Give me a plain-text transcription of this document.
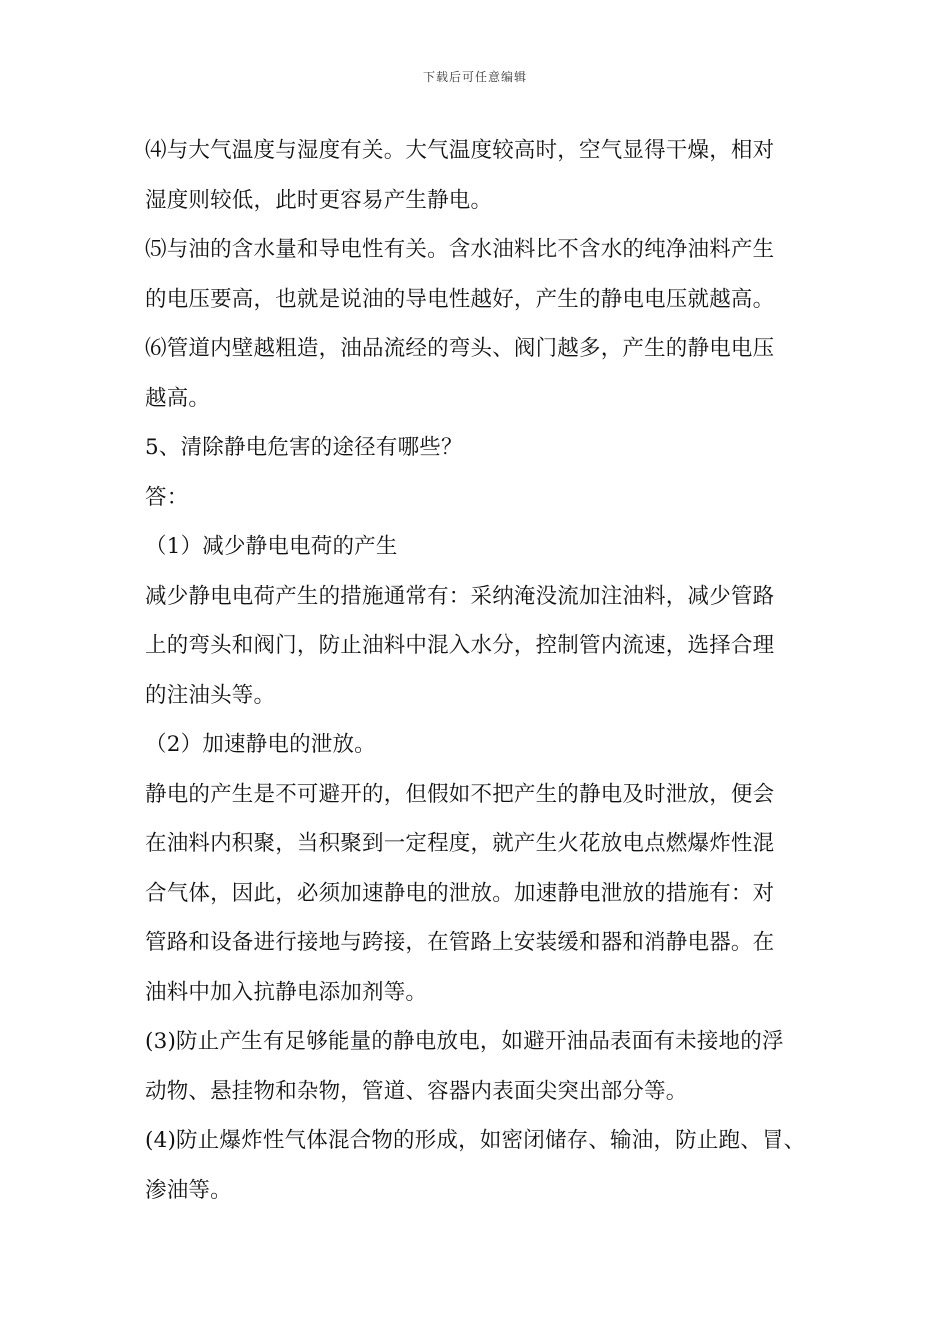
下载后可任意编辑
⑷与大气温度与湿度有关。大气温度较高时，空气显得干燥，相对
湿度则较低，此时更容易产生静电。
⑸与油的含水量和导电性有关。含水油料比不含水的纯净油料产生
的电压要高，也就是说油的导电性越好，产生的静电电压就越高。
⑹管道内壁越粗造，油品流经的弯头、阀门越多，产生的静电电压
越高。
5、清除静电危害的途径有哪些？
答：
（1）减少静电电荷的产生
减少静电电荷产生的措施通常有：采纳淹没流加注油料，减少管路
上的弯头和阀门，防止油料中混入水分，控制管内流速，选择合理
的注油头等。
（2）加速静电的泄放。
静电的产生是不可避开的，但假如不把产生的静电及时泄放，便会
在油料内积聚，当积聚到一定程度，就产生火花放电点燃爆炸性混
合气体，因此，必须加速静电的泄放。加速静电泄放的措施有：对
管路和设备进行接地与跨接，在管路上安装缓和器和消静电器。在
油料中加入抗静电添加剂等。
(3)防止产生有足够能量的静电放电，如避开油品表面有未接地的浮
动物、悬挂物和杂物，管道、容器内表面尖突出部分等。
(4)防止爆炸性气体混合物的形成，如密闭储存、输油，防止跑、冒、
渗油等。
